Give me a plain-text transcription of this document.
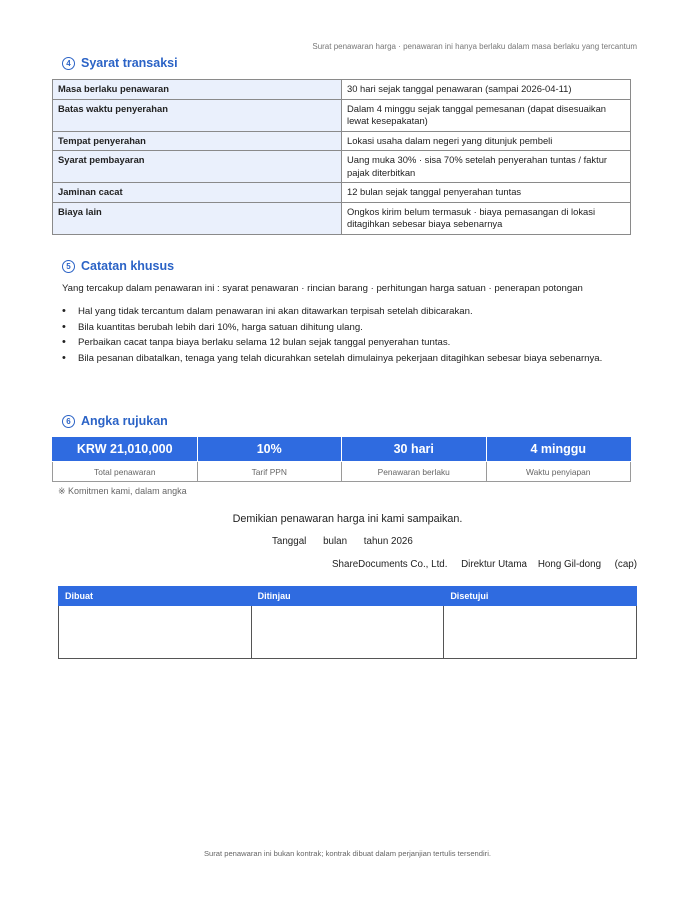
Surat penawaran harga · penawaran ini hanya berlaku dalam masa berlaku yang tercantum
4 Syarat transaksi
Masa berlaku penawaran	30 hari sejak tanggal penawaran (sampai 2026-04-11)
Batas waktu penyerahan	Dalam 4 minggu sejak tanggal pemesanan (dapat disesuaikan lewat kesepakatan)
Tempat penyerahan	Lokasi usaha dalam negeri yang ditunjuk pembeli
Syarat pembayaran	Uang muka 30% · sisa 70% setelah penyerahan tuntas / faktur pajak diterbitkan
Jaminan cacat	12 bulan sejak tanggal penyerahan tuntas
Biaya lain	Ongkos kirim belum termasuk · biaya pemasangan di lokasi ditagihkan sebesar biaya sebenarnya
5 Catatan khusus
Yang tercakup dalam penawaran ini : syarat penawaran · rincian barang · perhitungan harga satuan · penerapan potongan
• Hal yang tidak tercantum dalam penawaran ini akan ditawarkan terpisah setelah dibicarakan.
• Bila kuantitas berubah lebih dari 10%, harga satuan dihitung ulang.
• Perbaikan cacat tanpa biaya berlaku selama 12 bulan sejak tanggal penyerahan tuntas.
• Bila pesanan dibatalkan, tenaga yang telah dicurahkan setelah dimulainya pekerjaan ditagihkan sebesar biaya sebenarnya.
6 Angka rujukan
KRW 21,010,000	10%	30 hari	4 minggu
Total penawaran	Tarif PPN	Penawaran berlaku	Waktu penyiapan
※ Komitmen kami, dalam angka
Demikian penawaran harga ini kami sampaikan.
Tanggal bulan tahun 2026
ShareDocuments Co., Ltd. Direktur Utama Hong Gil-dong (cap)
Dibuat	Ditinjau	Disetujui

Surat penawaran ini bukan kontrak; kontrak dibuat dalam perjanjian tertulis tersendiri.
